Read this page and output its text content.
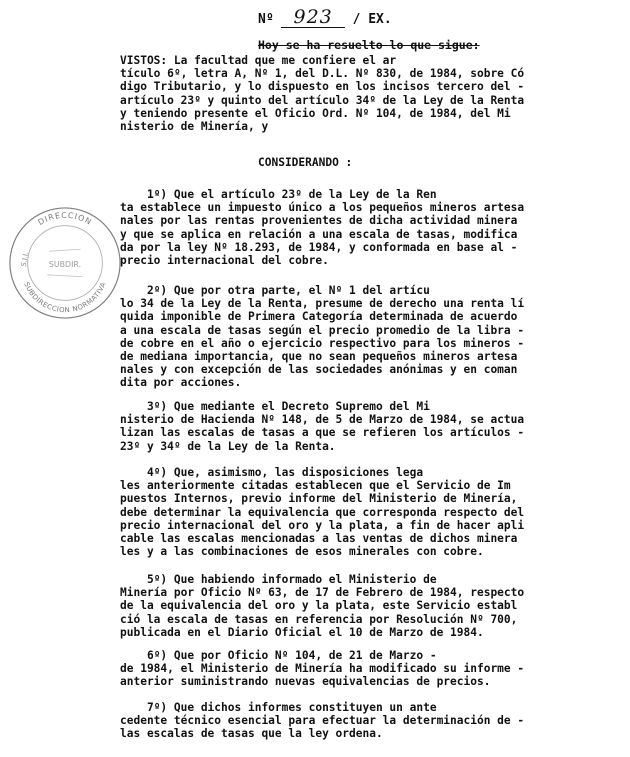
Nº 923 / EX.
Hoy se ha resuelto lo que sigue:

VISTOS: La facultad que me confiere el ar
tículo 6º, letra A, Nº 1, del D.L. Nº 830, de 1984, sobre Có
digo Tributario, y lo dispuesto en los incisos tercero del -
artículo 23º y quinto del artículo 34º de la Ley de la Renta
y teniendo presente el Oficio Ord. Nº 104, de 1984, del Mi
nisterio de Minería, y

CONSIDERANDO :

1º) Que el artículo 23º de la Ley de la Ren
ta establece un impuesto único a los pequeños mineros artesa
nales por las rentas provenientes de dicha actividad minera
y que se aplica en relación a una escala de tasas, modifica
da por la ley Nº 18.293, de 1984, y conformada en base al -
precio internacional del cobre.

2º) Que por otra parte, el Nº 1 del artícu
lo 34 de la Ley de la Renta, presume de derecho una renta lí
quida imponible de Primera Categoría determinada de acuerdo
a una escala de tasas según el precio promedio de la libra -
de cobre en el año o ejercicio respectivo para los mineros -
de mediana importancia, que no sean pequeños mineros artesa
nales y con excepción de las sociedades anónimas y en coman
dita por acciones.

3º) Que mediante el Decreto Supremo del Mi
nisterio de Hacienda Nº 148, de 5 de Marzo de 1984, se actua
lizan las escalas de tasas a que se refieren los artículos -
23º y 34º de la Ley de la Renta.

4º) Que, asimismo, las disposiciones lega
les anteriormente citadas establecen que el Servicio de Im
puestos Internos, previo informe del Ministerio de Minería,
debe determinar la equivalencia que corresponda respecto del
precio internacional del oro y la plata, a fin de hacer apli
cable las escalas mencionadas a las ventas de dichos minera
les y a las combinaciones de esos minerales con cobre.

5º) Que habiendo informado el Ministerio de
Minería por Oficio Nº 63, de 17 de Febrero de 1984, respecto
de la equivalencia del oro y la plata, este Servicio establ
ció la escala de tasas en referencia por Resolución Nº 700,
publicada en el Diario Oficial el 10 de Marzo de 1984.

6º) Que por Oficio Nº 104, de 21 de Marzo -
de 1984, el Ministerio de Minería ha modificado su informe -
anterior suministrando nuevas equivalencias de precios.

7º) Que dichos informes constituyen un ante
cedente técnico esencial para efectuar la determinación de -
las escalas de tasas que la ley ordena.

DIRECCION
SUBDIRECCION NORMATIVA
S.I.I. SUBDIR.
